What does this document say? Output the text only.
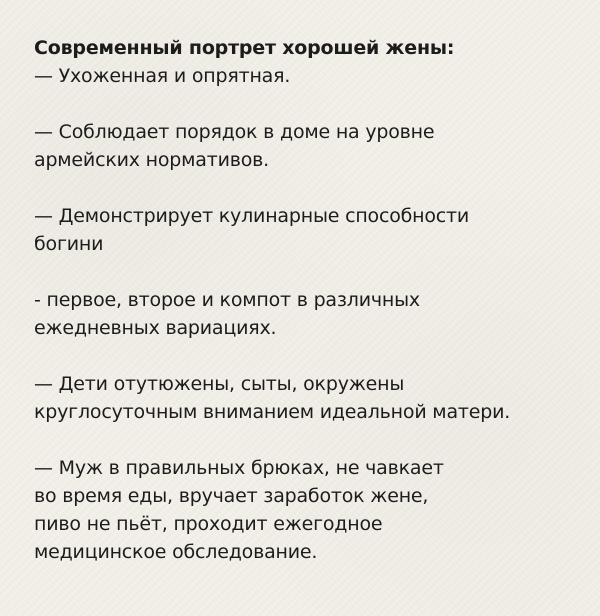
Современный портрет хорошей жены:

— Ухоженная и опрятная.

— Соблюдает порядок в доме на уровне

армейских нормативов.

— Демонстрирует кулинарные способности

богини

- первое, второе и компот в различных

ежедневных вариациях.

— Дети отутюжены, сыты, окружены

круглосуточным вниманием идеальной матери.

— Муж в правильных брюках, не чавкает

во время еды, вручает заработок жене,

пиво не пьёт, проходит ежегодное

медицинское обследование.
